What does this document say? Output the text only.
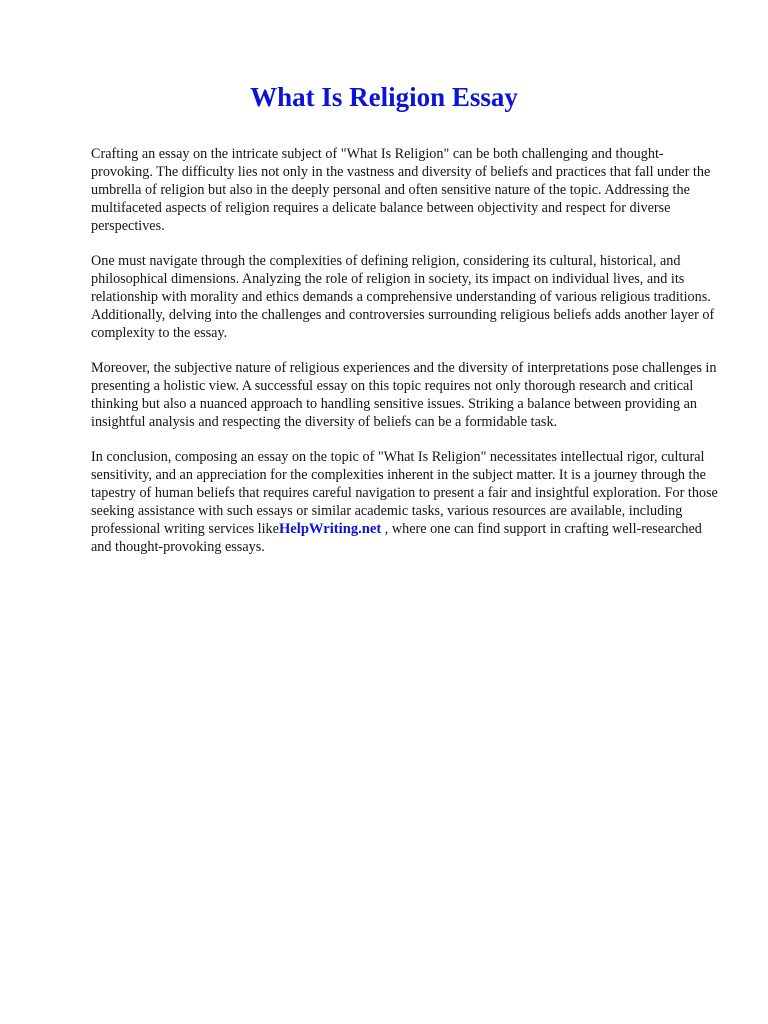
What Is Religion Essay

Crafting an essay on the intricate subject of "What Is Religion" can be both challenging and thought-provoking. The difficulty lies not only in the vastness and diversity of beliefs and practices that fall under the umbrella of religion but also in the deeply personal and often sensitive nature of the topic. Addressing the multifaceted aspects of religion requires a delicate balance between objectivity and respect for diverse perspectives.

One must navigate through the complexities of defining religion, considering its cultural, historical, and philosophical dimensions. Analyzing the role of religion in society, its impact on individual lives, and its relationship with morality and ethics demands a comprehensive understanding of various religious traditions. Additionally, delving into the challenges and controversies surrounding religious beliefs adds another layer of complexity to the essay.

Moreover, the subjective nature of religious experiences and the diversity of interpretations pose challenges in presenting a holistic view. A successful essay on this topic requires not only thorough research and critical thinking but also a nuanced approach to handling sensitive issues. Striking a balance between providing an insightful analysis and respecting the diversity of beliefs can be a formidable task.

In conclusion, composing an essay on the topic of "What Is Religion" necessitates intellectual rigor, cultural sensitivity, and an appreciation for the complexities inherent in the subject matter. It is a journey through the tapestry of human beliefs that requires careful navigation to present a fair and insightful exploration. For those seeking assistance with such essays or similar academic tasks, various resources are available, including professional writing services likeHelpWriting.net , where one can find support in crafting well-researched and thought-provoking essays.
